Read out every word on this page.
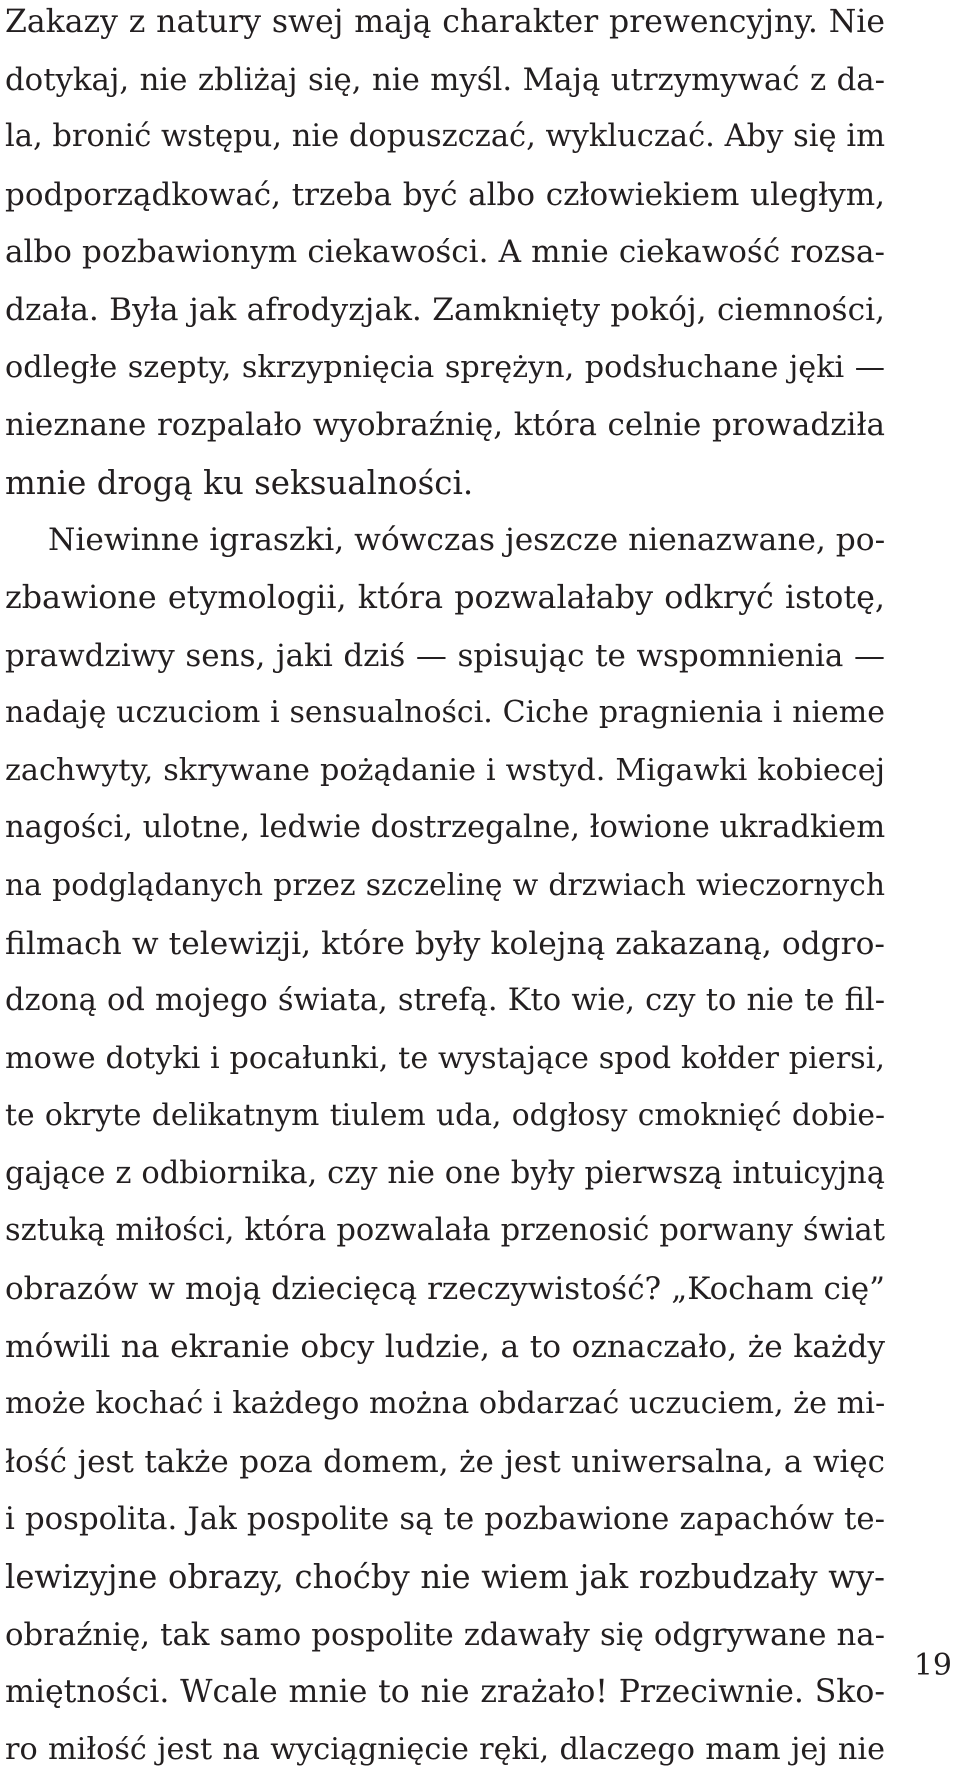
Zakazy z natury swej mają charakter prewencyjny. Nie
dotykaj, nie zbliżaj się, nie myśl. Mają utrzymywać z da-
la, bronić wstępu, nie dopuszczać, wykluczać. Aby się im
podporządkować, trzeba być albo człowiekiem uległym,
albo pozbawionym ciekawości. A mnie ciekawość rozsa-
dzała. Była jak afrodyzjak. Zamknięty pokój, ciemności,
odległe szepty, skrzypnięcia sprężyn, podsłuchane jęki —
nieznane rozpalało wyobraźnię, która celnie prowadziła
mnie drogą ku seksualności.
Niewinne igraszki, wówczas jeszcze nienazwane, po-
zbawione etymologii, która pozwalałaby odkryć istotę,
prawdziwy sens, jaki dziś — spisując te wspomnienia —
nadaję uczuciom i sensualności. Ciche pragnienia i nieme
zachwyty, skrywane pożądanie i wstyd. Migawki kobiecej
nagości, ulotne, ledwie dostrzegalne, łowione ukradkiem
na podglądanych przez szczelinę w drzwiach wieczornych
filmach w telewizji, które były kolejną zakazaną, odgro-
dzoną od mojego świata, strefą. Kto wie, czy to nie te fil-
mowe dotyki i pocałunki, te wystające spod kołder piersi,
te okryte delikatnym tiulem uda, odgłosy cmoknięć dobie-
gające z odbiornika, czy nie one były pierwszą intuicyjną
sztuką miłości, która pozwalała przenosić porwany świat
obrazów w moją dziecięcą rzeczywistość? „Kocham cię”
mówili na ekranie obcy ludzie, a to oznaczało, że każdy
może kochać i każdego można obdarzać uczuciem, że mi-
łość jest także poza domem, że jest uniwersalna, a więc
i pospolita. Jak pospolite są te pozbawione zapachów te-
lewizyjne obrazy, choćby nie wiem jak rozbudzały wy-
obraźnię, tak samo pospolite zdawały się odgrywane na-
miętności. Wcale mnie to nie zrażało! Przeciwnie. Sko-
ro miłość jest na wyciągnięcie ręki, dlaczego mam jej nie
19
